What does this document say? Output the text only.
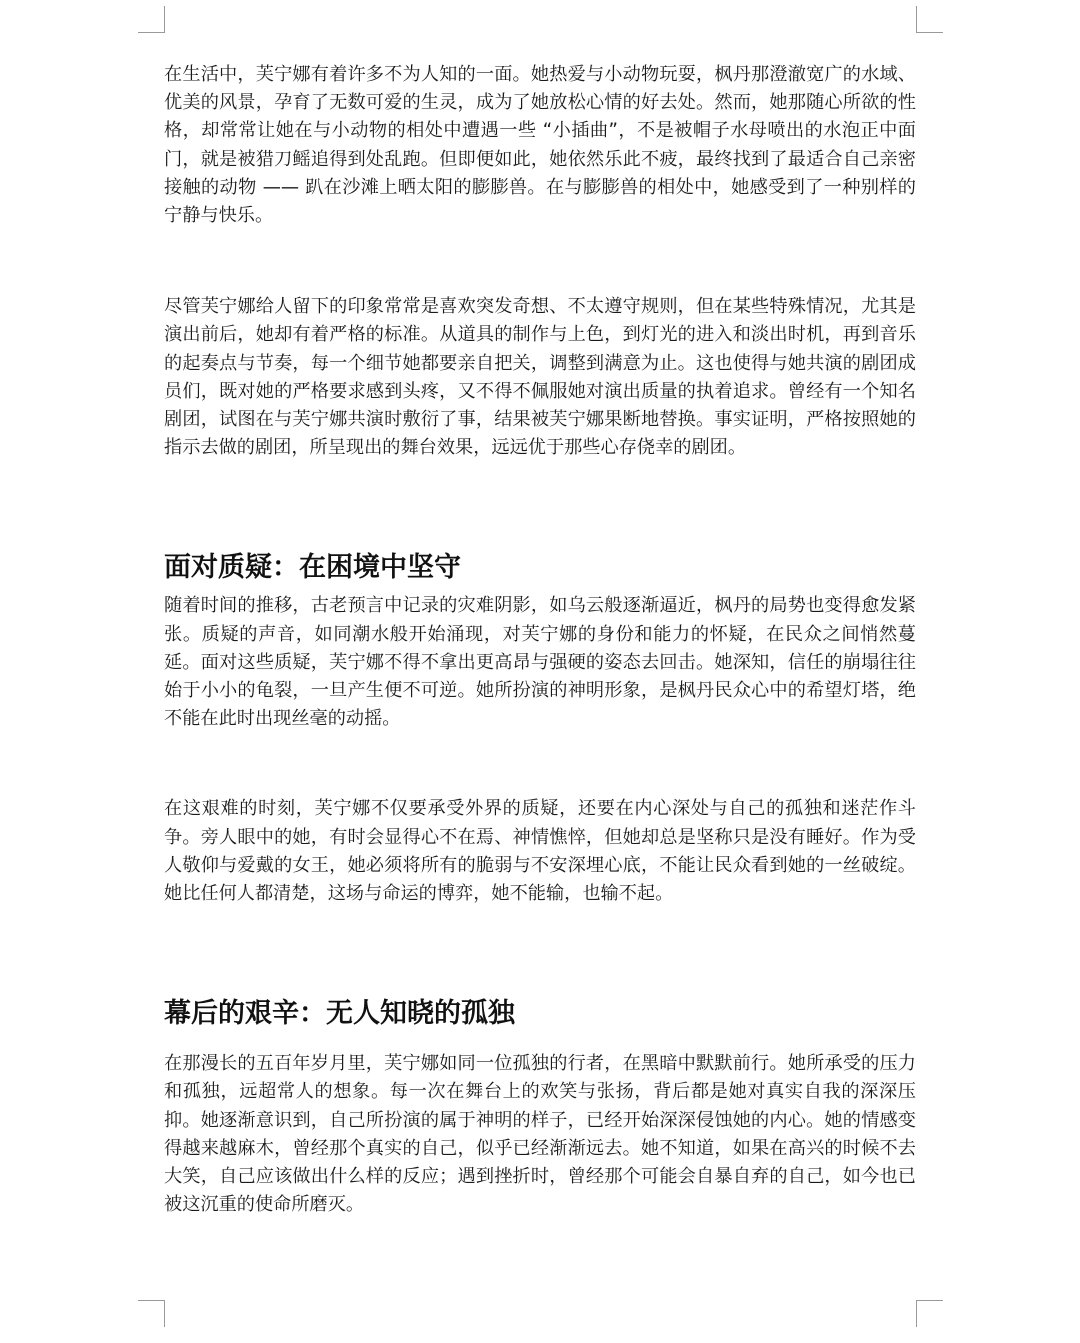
在生活中，芙宁娜有着许多不为人知的一面。她热爱与小动物玩耍，枫丹那澄澈宽广的水域、优美的风景，孕育了无数可爱的生灵，成为了她放松心情的好去处。然而，她那随心所欲的性格，却常常让她在与小动物的相处中遭遇一些 “小插曲”，不是被帽子水母喷出的水泡正中面门，就是被猎刀鳐追得到处乱跑。但即便如此，她依然乐此不疲，最终找到了最适合自己亲密接触的动物 —— 趴在沙滩上晒太阳的膨膨兽。在与膨膨兽的相处中，她感受到了一种别样的宁静与快乐。

尽管芙宁娜给人留下的印象常常是喜欢突发奇想、不太遵守规则，但在某些特殊情况，尤其是演出前后，她却有着严格的标准。从道具的制作与上色，到灯光的进入和淡出时机，再到音乐的起奏点与节奏，每一个细节她都要亲自把关，调整到满意为止。这也使得与她共演的剧团成员们，既对她的严格要求感到头疼，又不得不佩服她对演出质量的执着追求。曾经有一个知名剧团，试图在与芙宁娜共演时敷衍了事，结果被芙宁娜果断地替换。事实证明，严格按照她的指示去做的剧团，所呈现出的舞台效果，远远优于那些心存侥幸的剧团。

面对质疑：在困境中坚守

随着时间的推移，古老预言中记录的灾难阴影，如乌云般逐渐逼近，枫丹的局势也变得愈发紧张。质疑的声音，如同潮水般开始涌现，对芙宁娜的身份和能力的怀疑，在民众之间悄然蔓延。面对这些质疑，芙宁娜不得不拿出更高昂与强硬的姿态去回击。她深知，信任的崩塌往往始于小小的龟裂，一旦产生便不可逆。她所扮演的神明形象，是枫丹民众心中的希望灯塔，绝不能在此时出现丝毫的动摇。

在这艰难的时刻，芙宁娜不仅要承受外界的质疑，还要在内心深处与自己的孤独和迷茫作斗争。旁人眼中的她，有时会显得心不在焉、神情憔悴，但她却总是坚称只是没有睡好。作为受人敬仰与爱戴的女王，她必须将所有的脆弱与不安深埋心底，不能让民众看到她的一丝破绽。她比任何人都清楚，这场与命运的博弈，她不能输，也输不起。

幕后的艰辛：无人知晓的孤独

在那漫长的五百年岁月里，芙宁娜如同一位孤独的行者，在黑暗中默默前行。她所承受的压力和孤独，远超常人的想象。每一次在舞台上的欢笑与张扬，背后都是她对真实自我的深深压抑。她逐渐意识到，自己所扮演的属于神明的样子，已经开始深深侵蚀她的内心。她的情感变得越来越麻木，曾经那个真实的自己，似乎已经渐渐远去。她不知道，如果在高兴的时候不去大笑，自己应该做出什么样的反应；遇到挫折时，曾经那个可能会自暴自弃的自己，如今也已被这沉重的使命所磨灭。
